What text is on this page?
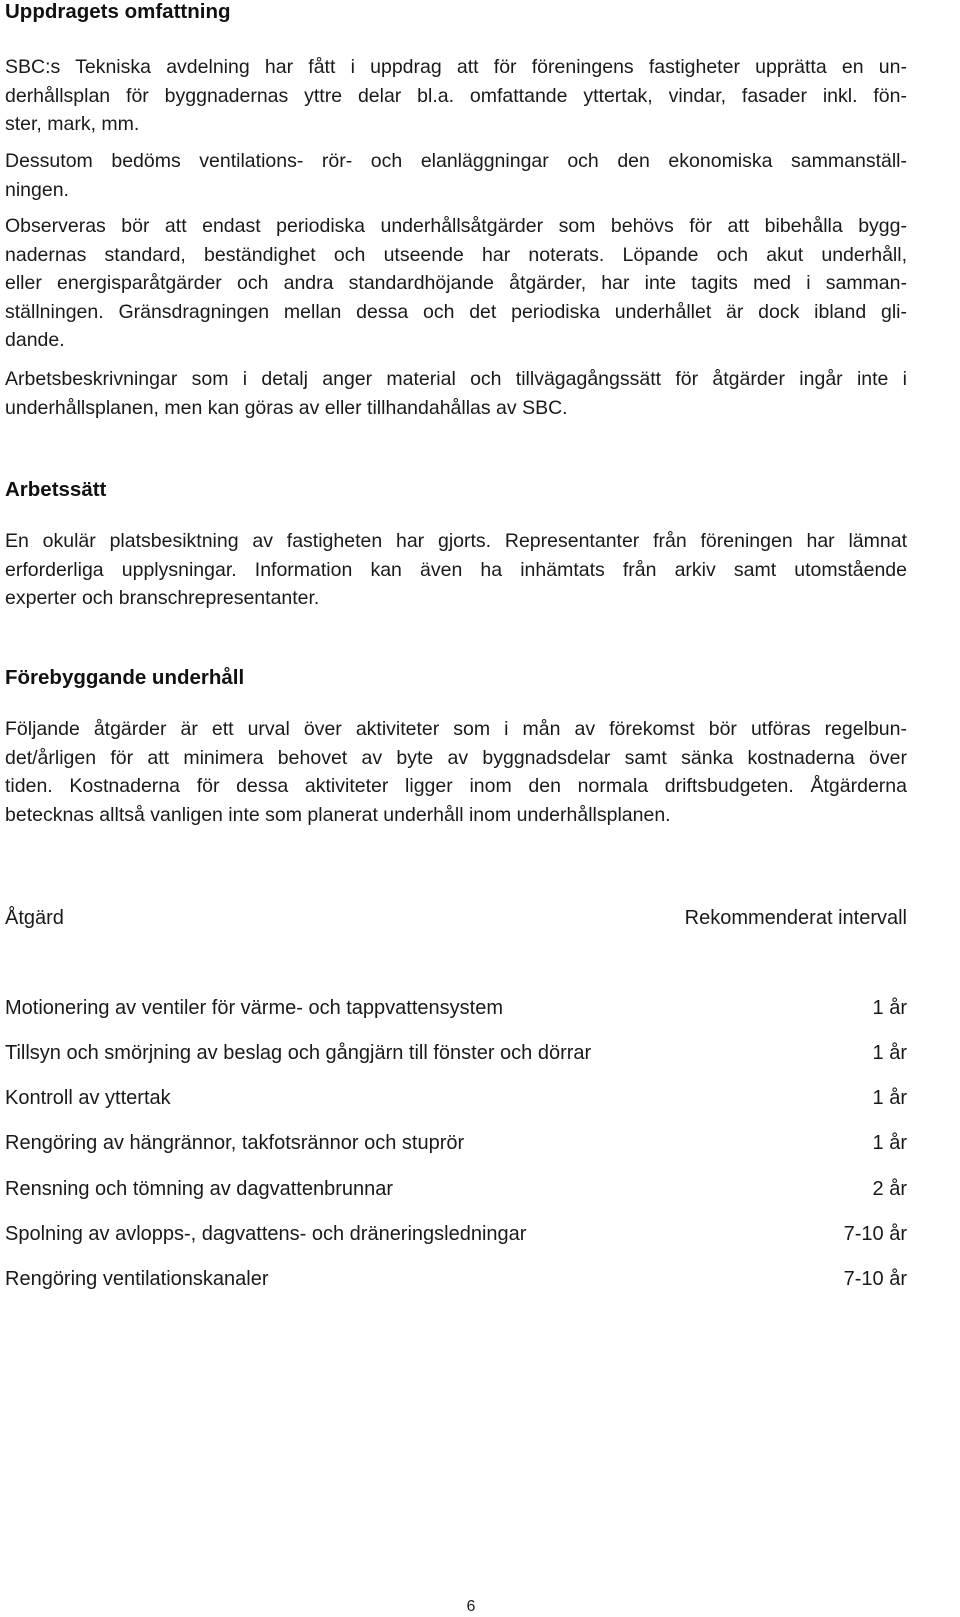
Uppdragets omfattning
SBC:s Tekniska avdelning har fått i uppdrag att för föreningens fastigheter upprätta en un-
derhållsplan för byggnadernas yttre delar bl.a. omfattande yttertak, vindar, fasader inkl. fön-
ster, mark, mm.
Dessutom bedöms ventilations- rör- och elanläggningar och den ekonomiska sammanställ-
ningen.
Observeras bör att endast periodiska underhållsåtgärder som behövs för att bibehålla bygg-
nadernas standard, beständighet och utseende har noterats. Löpande och akut underhåll,
eller energisparåtgärder och andra standardhöjande åtgärder, har inte tagits med i samman-
ställningen. Gränsdragningen mellan dessa och det periodiska underhållet är dock ibland gli-
dande.
Arbetsbeskrivningar som i detalj anger material och tillvägagångssätt för åtgärder ingår inte i
underhållsplanen, men kan göras av eller tillhandahållas av SBC.
Arbetssätt
En okulär platsbesiktning av fastigheten har gjorts. Representanter från föreningen har lämnat
erforderliga upplysningar. Information kan även ha inhämtats från arkiv samt utomstående
experter och branschrepresentanter.
Förebyggande underhåll
Följande åtgärder är ett urval över aktiviteter som i mån av förekomst bör utföras regelbun-
det/årligen för att minimera behovet av byte av byggnadsdelar samt sänka kostnaderna över
tiden. Kostnaderna för dessa aktiviteter ligger inom den normala driftsbudgeten. Åtgärderna
betecknas alltså vanligen inte som planerat underhåll inom underhållsplanen.
Åtgärd	Rekommenderat intervall
Motionering av ventiler för värme- och tappvattensystem	1 år
Tillsyn och smörjning av beslag och gångjärn till fönster och dörrar	1 år
Kontroll av yttertak	1 år
Rengöring av hängrännor, takfotsrännor och stuprör	1 år
Rensning och tömning av dagvattenbrunnar	2 år
Spolning av avlopps-, dagvattens- och dräneringsledningar	7-10 år
Rengöring ventilationskanaler	7-10 år
6
